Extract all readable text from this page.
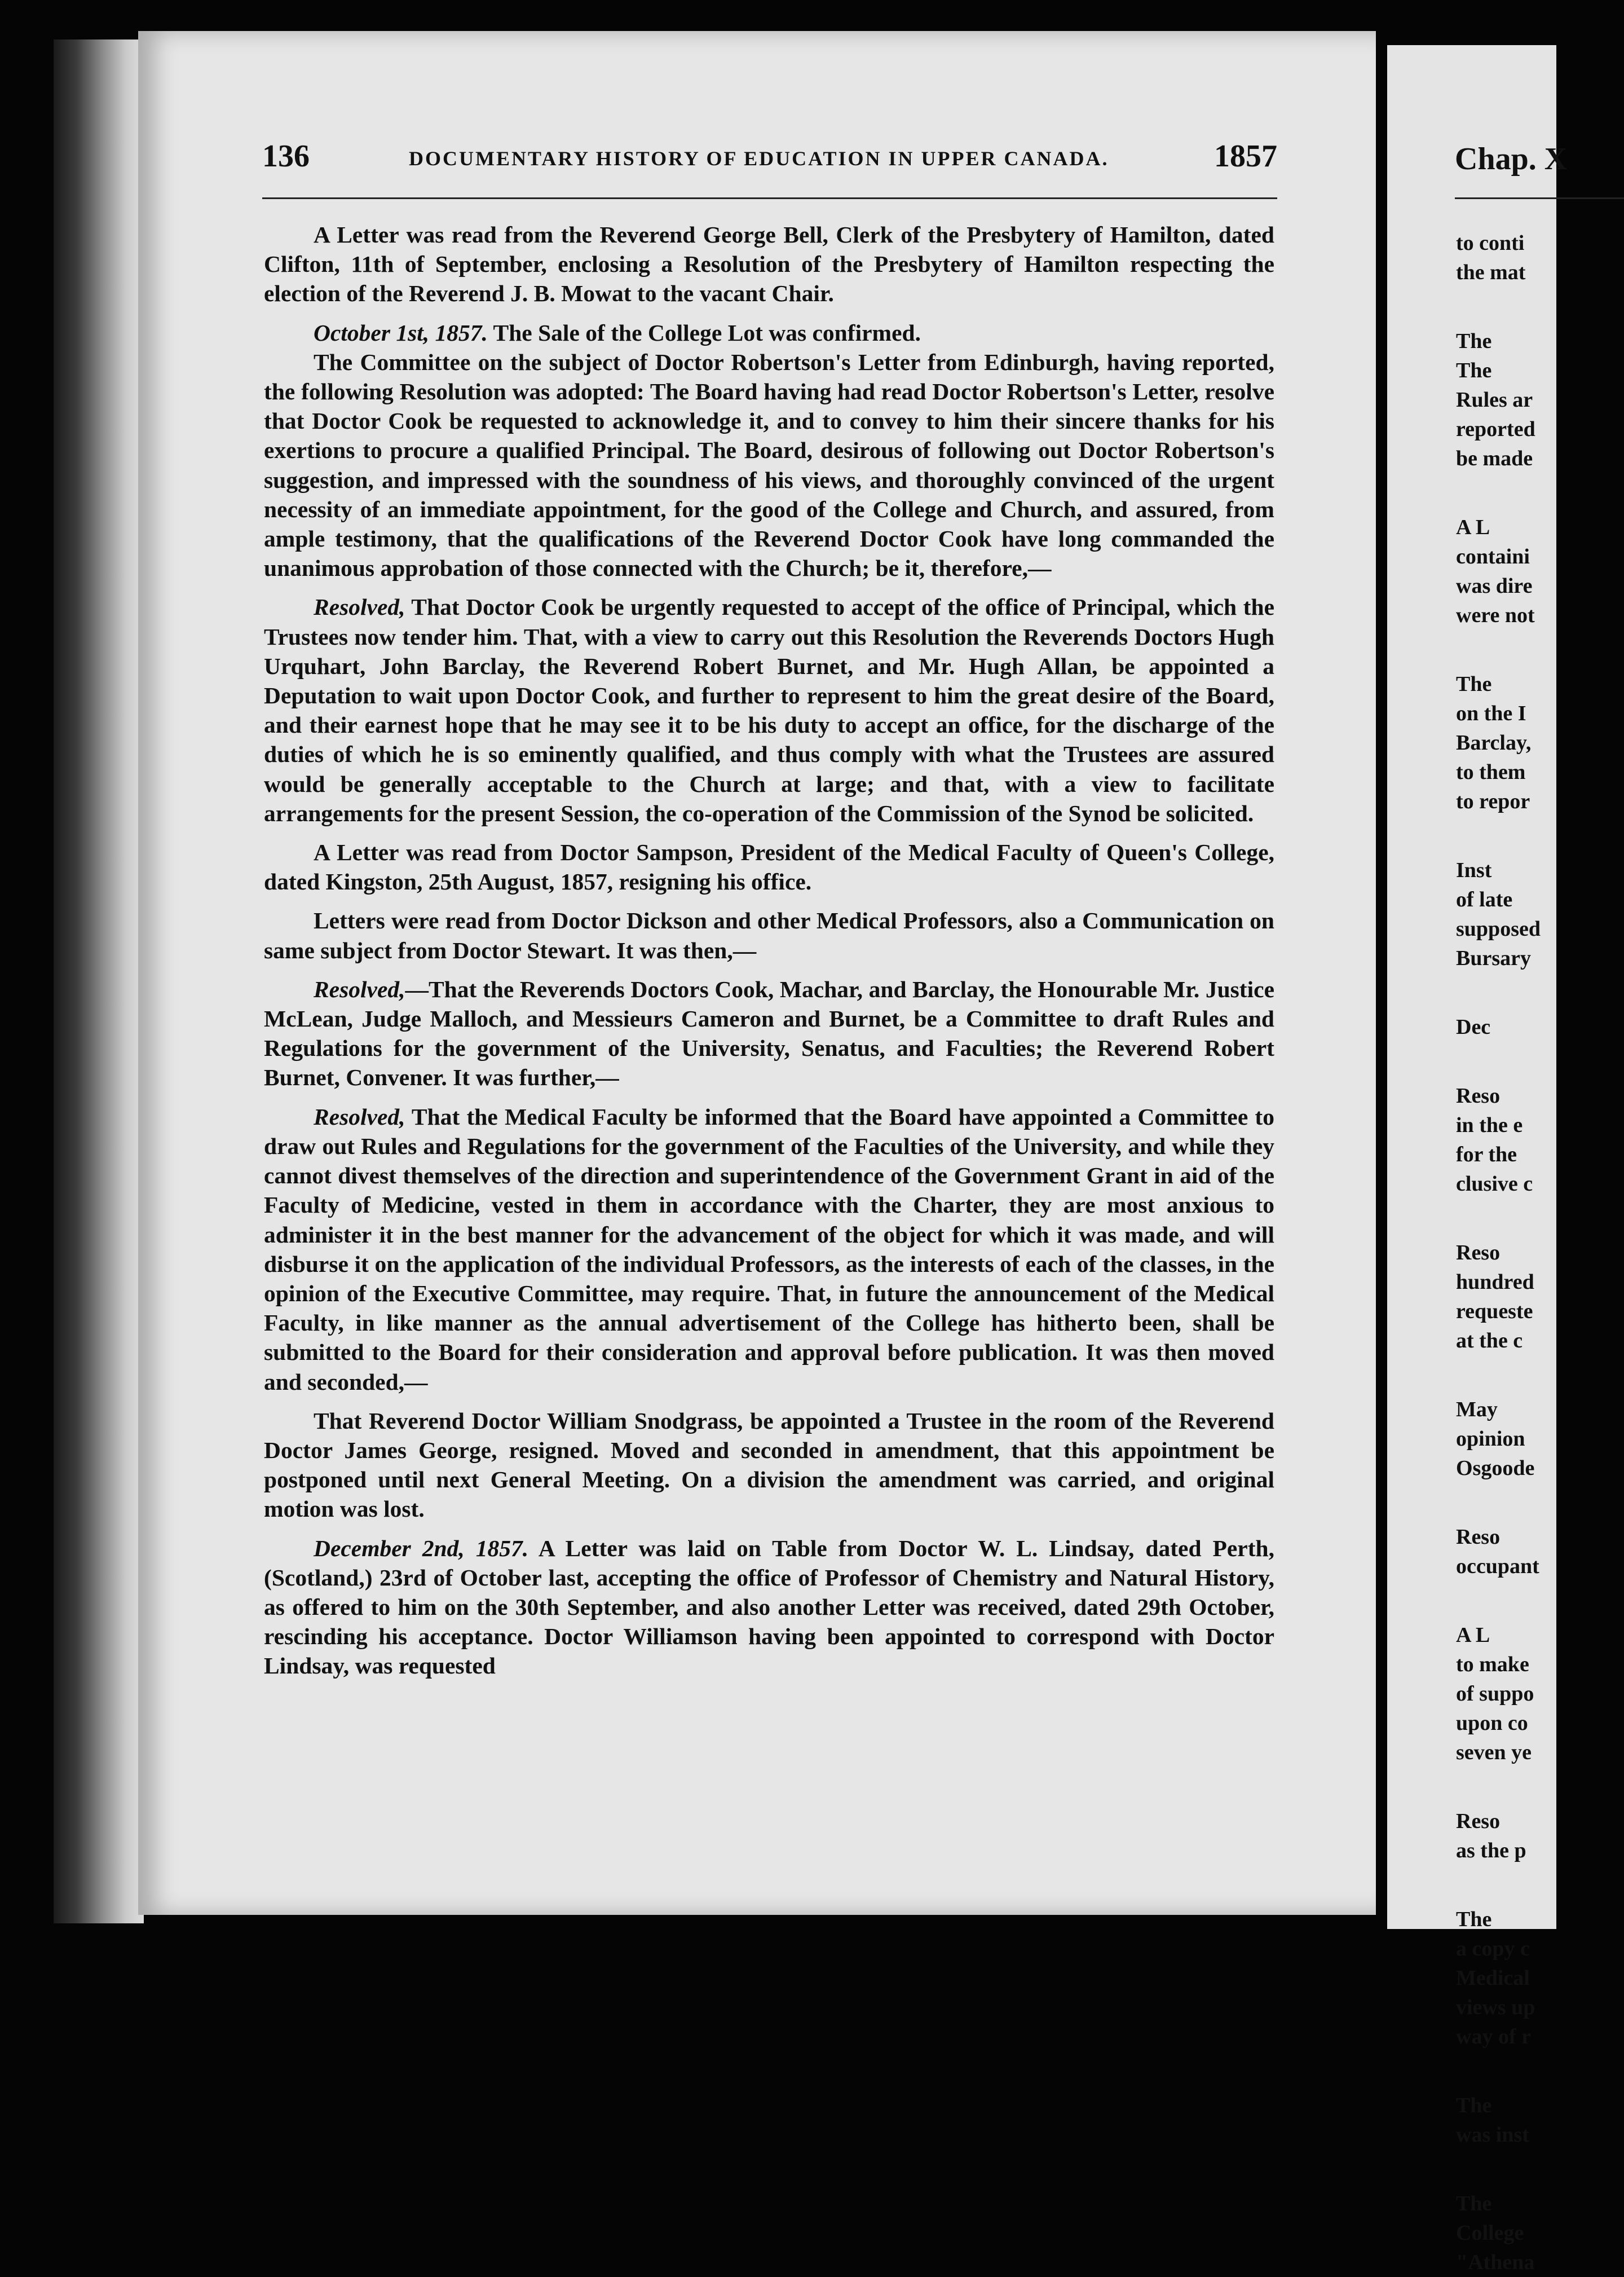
Chap. X
to conti
the mat
The
The
Rules ar
reported
be made
A L
containi
was dire
were not
The
on the I
Barclay,
to them
to repor
Inst
of late
supposed
Bursary
Dec
Reso
in the e
for the
clusive c
Reso
hundred
requeste
at the c
May
opinion
Osgoode
Reso
occupant
A L
to make
of suppo
upon co
seven ye
Reso
as the p
The
a copy c
Medical
views up
way of r
The
was inst
The
College
"Athena
136	DOCUMENTARY HISTORY OF EDUCATION IN UPPER CANADA.	1857

A Letter was read from the Reverend George Bell, Clerk of the Presbytery of Hamilton, dated Clifton, 11th of September, enclosing a Resolution of the Presbytery of Hamilton respecting the election of the Reverend J. B. Mowat to the vacant Chair.

October 1st, 1857. The Sale of the College Lot was confirmed.

The Committee on the subject of Doctor Robertson's Letter from Edinburgh, having reported, the following Resolution was adopted: The Board having had read Doctor Robertson's Letter, resolve that Doctor Cook be requested to acknowledge it, and to convey to him their sincere thanks for his exertions to procure a qualified Principal. The Board, desirous of following out Doctor Robertson's suggestion, and impressed with the soundness of his views, and thoroughly convinced of the urgent necessity of an immediate appointment, for the good of the College and Church, and assured, from ample testimony, that the qualifications of the Reverend Doctor Cook have long commanded the unanimous approbation of those connected with the Church; be it, therefore,—

Resolved, That Doctor Cook be urgently requested to accept of the office of Principal, which the Trustees now tender him. That, with a view to carry out this Resolution the Reverends Doctors Hugh Urquhart, John Barclay, the Reverend Robert Burnet, and Mr. Hugh Allan, be appointed a Deputation to wait upon Doctor Cook, and further to represent to him the great desire of the Board, and their earnest hope that he may see it to be his duty to accept an office, for the discharge of the duties of which he is so eminently qualified, and thus comply with what the Trustees are assured would be generally acceptable to the Church at large; and that, with a view to facilitate arrangements for the present Session, the co-operation of the Commission of the Synod be solicited.

A Letter was read from Doctor Sampson, President of the Medical Faculty of Queen's College, dated Kingston, 25th August, 1857, resigning his office.

Letters were read from Doctor Dickson and other Medical Professors, also a Communication on same subject from Doctor Stewart. It was then,—

Resolved,—That the Reverends Doctors Cook, Machar, and Barclay, the Honourable Mr. Justice McLean, Judge Malloch, and Messieurs Cameron and Burnet, be a Committee to draft Rules and Regulations for the government of the University, Senatus, and Faculties; the Reverend Robert Burnet, Convener. It was further,—

Resolved, That the Medical Faculty be informed that the Board have appointed a Committee to draw out Rules and Regulations for the government of the Faculties of the University, and while they cannot divest themselves of the direction and superintendence of the Government Grant in aid of the Faculty of Medicine, vested in them in accordance with the Charter, they are most anxious to administer it in the best manner for the advancement of the object for which it was made, and will disburse it on the application of the individual Professors, as the interests of each of the classes, in the opinion of the Executive Committee, may require. That, in future the announcement of the Medical Faculty, in like manner as the annual advertisement of the College has hitherto been, shall be submitted to the Board for their consideration and approval before publication. It was then moved and seconded,—

That Reverend Doctor William Snodgrass, be appointed a Trustee in the room of the Reverend Doctor James George, resigned. Moved and seconded in amendment, that this appointment be postponed until next General Meeting. On a division the amendment was carried, and original motion was lost.

December 2nd, 1857. A Letter was laid on Table from Doctor W. L. Lindsay, dated Perth, (Scotland,) 23rd of October last, accepting the office of Professor of Chemistry and Natural History, as offered to him on the 30th September, and also another Letter was received, dated 29th October, rescinding his acceptance. Doctor Williamson having been appointed to correspond with Doctor Lindsay, was requested
